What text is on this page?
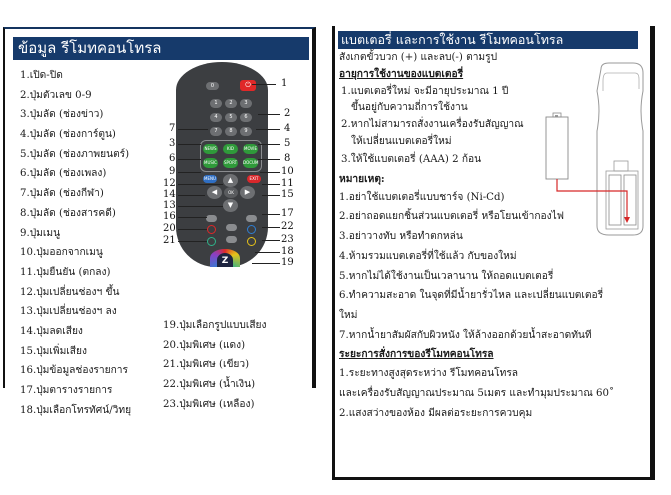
ข้อมูล รีโมทคอนโทรล
1.เปิด-ปิด
2.ปุ่มตัวเลข 0-9
3.ปุ่มลัด (ช่องข่าว)
4.ปุ่มลัด (ช่องการ์ตูน)
5.ปุ่มลัด (ช่องภาพยนตร์)
6.ปุ่มลัด (ช่องเพลง)
7.ปุ่มลัด (ช่องกีฬา)
8.ปุ่มลัด (ช่องสารคดี)
9.ปุ่มเมนู
10.ปุ่มออกจากเมนู
11.ปุ่มยืนยัน (ตกลง)
12.ปุ่มเปลี่ยนช่องฯ ขึ้น
13.ปุ่มเปลี่ยนช่องฯ ลง
14.ปุ่มลดเสียง
15.ปุ่มเพิ่มเสียง
16.ปุ่มข้อมูลช่องรายการ
17.ปุ่มตารางรายการ
18.ปุ่มเลือกโทรทัศน์/วิทยุ
19.ปุ่มเลือกรูปแบบเสียง
20.ปุ่มพิเศษ (แดง)
21.ปุ่มพิเศษ (เขียว)
22.ปุ่มพิเศษ (น้ำเงิน)
23.ปุ่มพิเศษ (เหลือง)
0	⏻
1	2	3
4	5	6
7	8	9
NEWS	KID	MOVIE
MUSIC SPORT DOCUM
MENU	EXIT
▲
◀	OK	▶
▼
Z
1
2
4
5
8
10
11
15
17
22
23
18
19
7
3
6
9
12
14
13
16
20
21
แบตเตอรี่ และการใช้งาน รีโมทคอนโทรล
สังเกตขั้วบวก (+) และลบ(-) ตามรูป
อายุการใช้งานของแบตเตอรี่
1.แบตเตอรี่ใหม่ จะมีอายุประมาณ 1 ปี
ขึ้นอยู่กับความถี่การใช้งาน
2.หากไม่สามารถสั่งงานเครื่องรับสัญญาณ
ให้เปลี่ยนแบตเตอรี่ใหม่
3.ให้ใช้แบตเตอรี่ (AAA) 2 ก้อน
หมายเหตุ:
1.อย่าใช้แบตเตอรี่แบบชาร์จ (Ni-Cd)
2.อย่าถอดแยกชิ้นส่วนแบตเตอรี่ หรือโยนเข้ากองไฟ
3.อย่าวางทับ หรือทำตกหล่น
4.ห้ามรวมแบตเตอรี่ที่ใช้แล้ว กับของใหม่
5.หากไม่ได้ใช้งานเป็นเวลานาน ให้ถอดแบตเตอรี่
6.ทำความสะอาด ในจุดที่มีน้ำยารั่วไหล และเปลี่ยนแบตเตอรี่
ใหม่
7.หากน้ำยาสัมผัสกับผิวหนัง ให้ล้างออกด้วยน้ำสะอาดทันที
ระยะการสั่งการของรีโมทคอนโทรล
1.ระยะทางสูงสุดระหว่าง รีโมทคอนโทรล
และเครื่องรับสัญญาณประมาณ 5เมตร และทำมุมประมาณ 60˚
2.แสงสว่างของห้อง มีผลต่อระยะการควบคุม
